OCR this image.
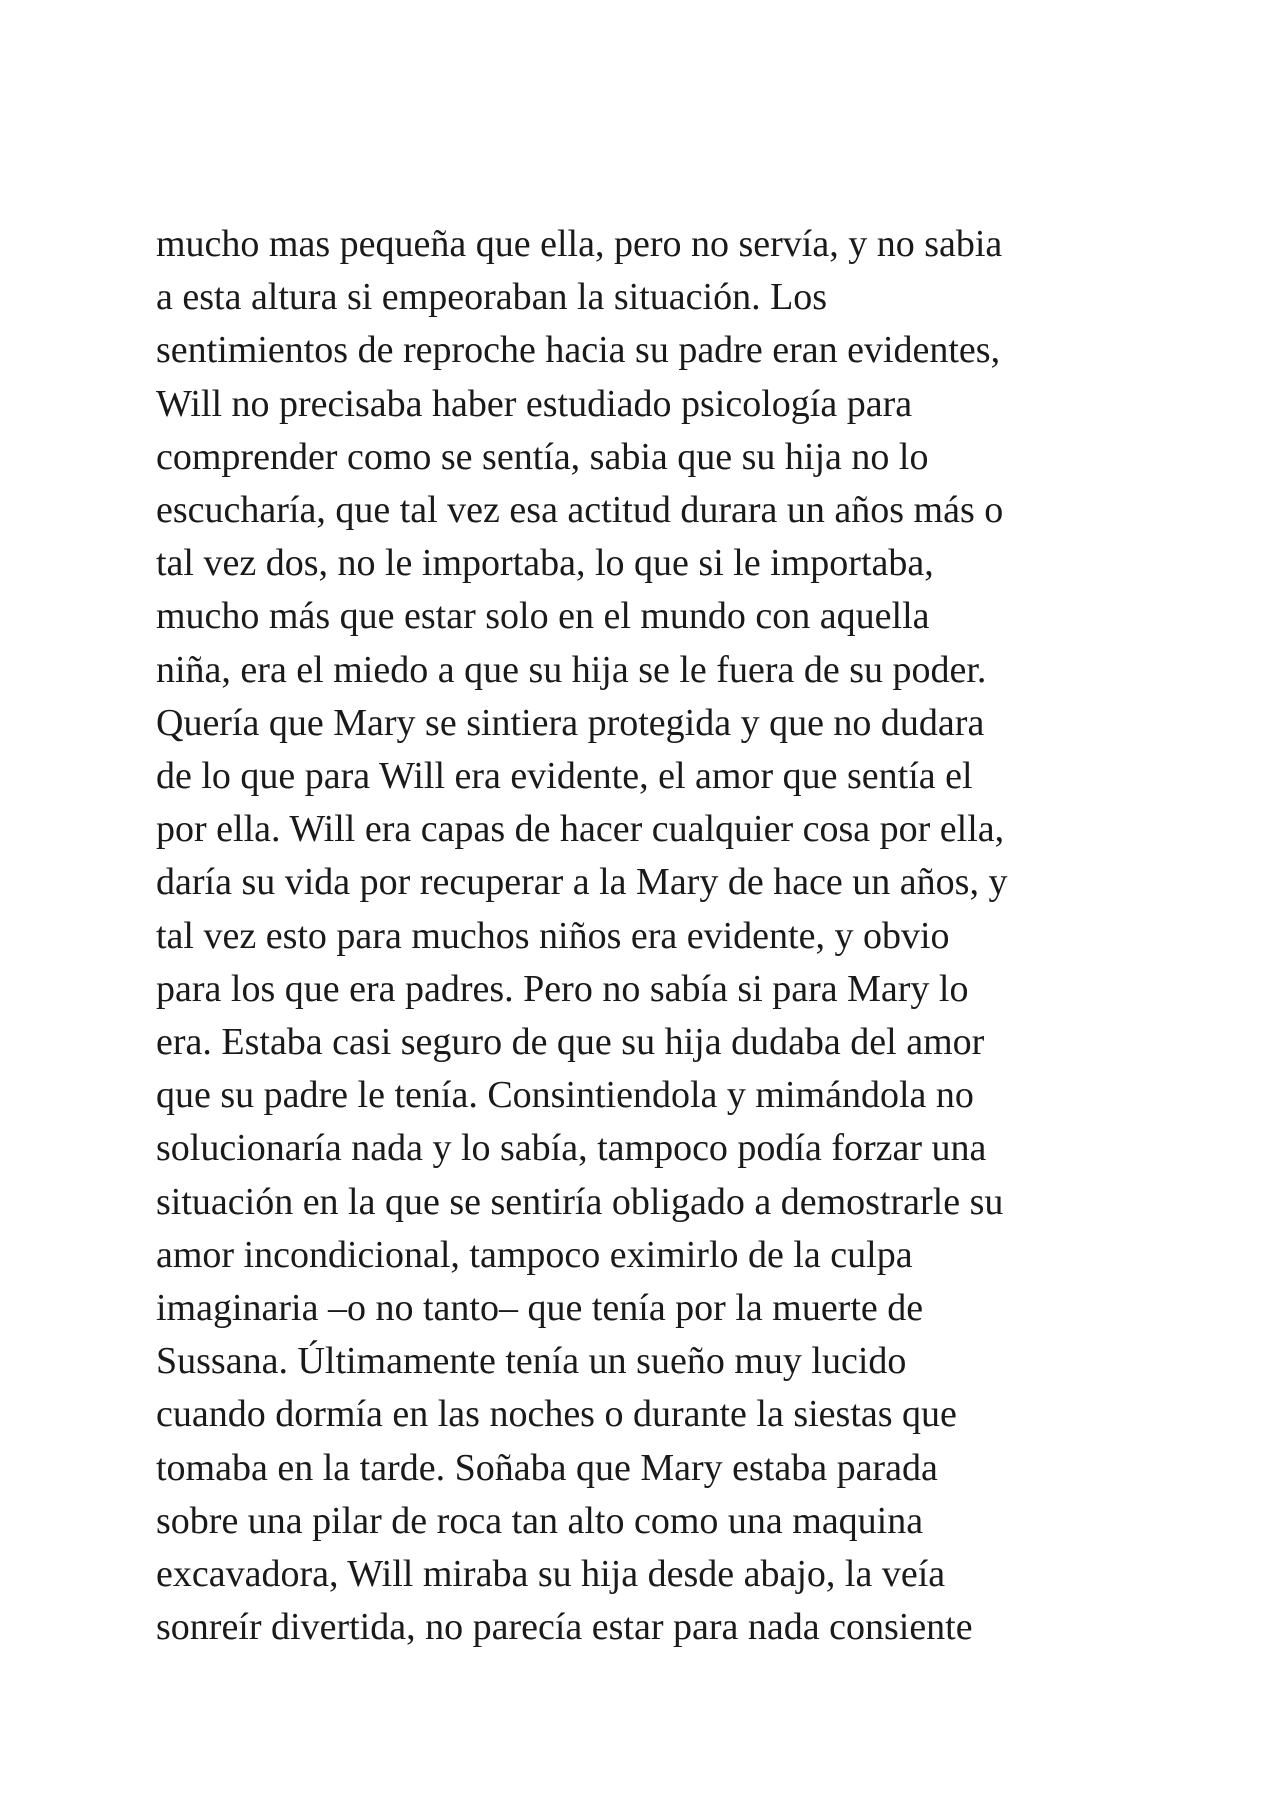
mucho mas pequeña que ella, pero no servía, y no sabia
a esta altura si empeoraban la situación. Los
sentimientos de reproche hacia su padre eran evidentes,
Will no precisaba haber estudiado psicología para
comprender como se sentía, sabia que su hija no lo
escucharía, que tal vez esa actitud durara un años más o
tal vez dos, no le importaba, lo que si le importaba,
mucho más que estar solo en el mundo con aquella
niña, era el miedo a que su hija se le fuera de su poder.
Quería que Mary se sintiera protegida y que no dudara
de lo que para Will era evidente, el amor que sentía el
por ella. Will era capas de hacer cualquier cosa por ella,
daría su vida por recuperar a la Mary de hace un años, y
tal vez esto para muchos niños era evidente, y obvio
para los que era padres. Pero no sabía si para Mary lo
era. Estaba casi seguro de que su hija dudaba del amor
que su padre le tenía. Consintiendola y mimándola no
solucionaría nada y lo sabía, tampoco podía forzar una
situación en la que se sentiría obligado a demostrarle su
amor incondicional, tampoco eximirlo de la culpa
imaginaria –o no tanto– que tenía por la muerte de
Sussana. Últimamente tenía un sueño muy lucido
cuando dormía en las noches o durante la siestas que
tomaba en la tarde. Soñaba que Mary estaba parada
sobre una pilar de roca tan alto como una maquina
excavadora, Will miraba su hija desde abajo, la veía
sonreír divertida, no parecía estar para nada consiente
